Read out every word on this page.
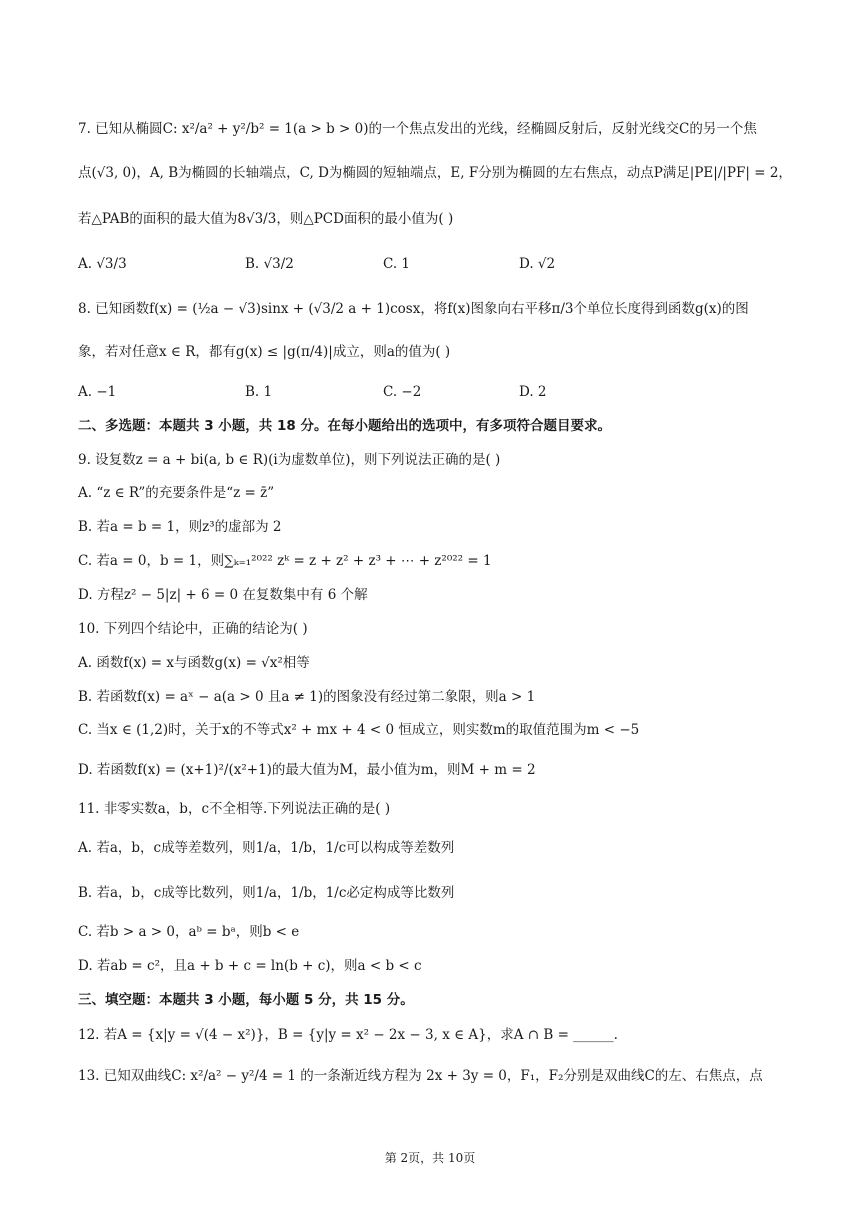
7. 已知从椭圆C: x²/a² + y²/b² = 1(a > b > 0)的一个焦点发出的光线，经椭圆反射后，反射光线交C的另一个焦
点(√3, 0)，A, B为椭圆的长轴端点，C, D为椭圆的短轴端点，E, F分别为椭圆的左右焦点，动点P满足|PE|/|PF| = 2，
若△PAB的面积的最大值为8√3/3，则△PCD面积的最小值为( )
A. √3/3	B. √3/2	C. 1	D. √2
8. 已知函数f(x) = (½a − √3)sinx + (√3/2 a + 1)cosx，将f(x)图象向右平移π/3个单位长度得到函数g(x)的图
象，若对任意x ∈ R，都有g(x) ≤ |g(π/4)|成立，则a的值为( )
A. −1	B. 1	C. −2	D. 2
二、多选题：本题共 3 小题，共 18 分。在每小题给出的选项中，有多项符合题目要求。
9. 设复数z = a + bi(a, b ∈ R)(i为虚数单位)，则下列说法正确的是( )
A. “z ∈ R”的充要条件是“z = z̄”
B. 若a = b = 1，则z³的虚部为 2
C. 若a = 0，b = 1，则∑ₖ₌₁²⁰²² zᵏ = z + z² + z³ + ⋯ + z²⁰²² = 1
D. 方程z² − 5|z| + 6 = 0 在复数集中有 6 个解
10. 下列四个结论中，正确的结论为( )
A. 函数f(x) = x与函数g(x) = √x²相等
B. 若函数f(x) = aˣ − a(a > 0 且a ≠ 1)的图象没有经过第二象限，则a > 1
C. 当x ∈ (1,2)时，关于x的不等式x² + mx + 4 < 0 恒成立，则实数m的取值范围为m < −5
D. 若函数f(x) = (x+1)²/(x²+1)的最大值为M，最小值为m，则M + m = 2
11. 非零实数a，b，c不全相等.下列说法正确的是( )
A. 若a，b，c成等差数列，则1/a，1/b，1/c可以构成等差数列
B. 若a，b，c成等比数列，则1/a，1/b，1/c必定构成等比数列
C. 若b > a > 0，aᵇ = bᵃ，则b < e
D. 若ab = c²，且a + b + c = ln(b + c)，则a < b < c
三、填空题：本题共 3 小题，每小题 5 分，共 15 分。
12. 若A = {x|y = √(4 − x²)}，B = {y|y = x² − 2x − 3, x ∈ A}，求A ∩ B = ______.
13. 已知双曲线C: x²/a² − y²/4 = 1 的一条渐近线方程为 2x + 3y = 0，F₁，F₂分别是双曲线C的左、右焦点，点
第 2页，共 10页
